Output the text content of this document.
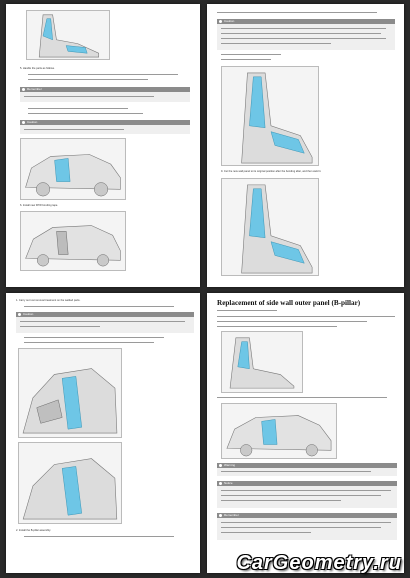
5. Handle the parts as follows.
Remember
Caution
6. Install new FPW bonding tape.
Caution
9. Cut the new wall panel to its original position after the bonding after, and then weld it.
1. Carry out rust removal treatment on the welded parts.
Caution
2. Install the B-pillar assembly.
Replacement of side wall outer panel (B-pillar)
Warning
Notice
Remember
CarGeometry.ru
